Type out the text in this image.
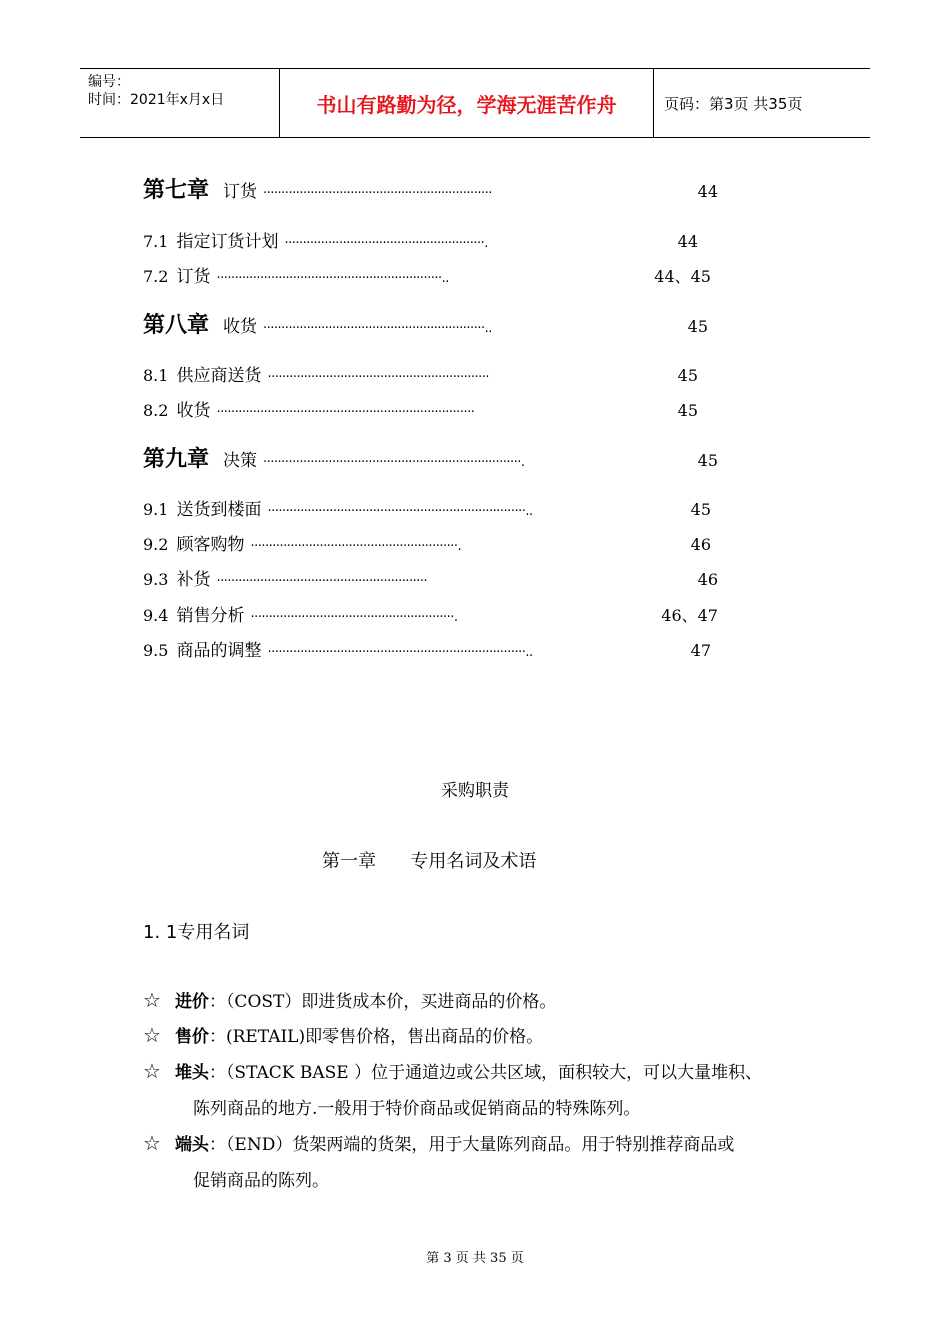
编号：
时间：2021年x月x日	书山有路勤为径，学海无涯苦作舟	页码：第3页 共35页
第七章 订货 ·······························································	44
7.1 指定订货计划 ·······················································.	44
7.2 订货 ······························································..	44、45
第八章 收货 ·····························································..	45
8.1 供应商送货 ·····························································	45
8.2 收货 ·······································································	45
第九章 决策 ·······································································.	45
9.1 送货到楼面 ·······································································..	45
9.2 顾客购物 ·························································.	46
9.3 补货 ··························································	46
9.4 销售分析 ························································.	46、47
9.5 商品的调整 ·······································································..	47
采购职责
第一章      专用名词及术语
1. 1专用名词
☆ 进价：（COST）即进货成本价，买进商品的价格。
☆ 售价：(RETAIL)即零售价格，售出商品的价格。
☆ 堆头：（STACK BASE ）位于通道边或公共区域，面积较大，可以大量堆积、
陈列商品的地方.一般用于特价商品或促销商品的特殊陈列。
☆ 端头：（END）货架两端的货架，用于大量陈列商品。用于特别推荐商品或
促销商品的陈列。
第 3 页 共 35 页
